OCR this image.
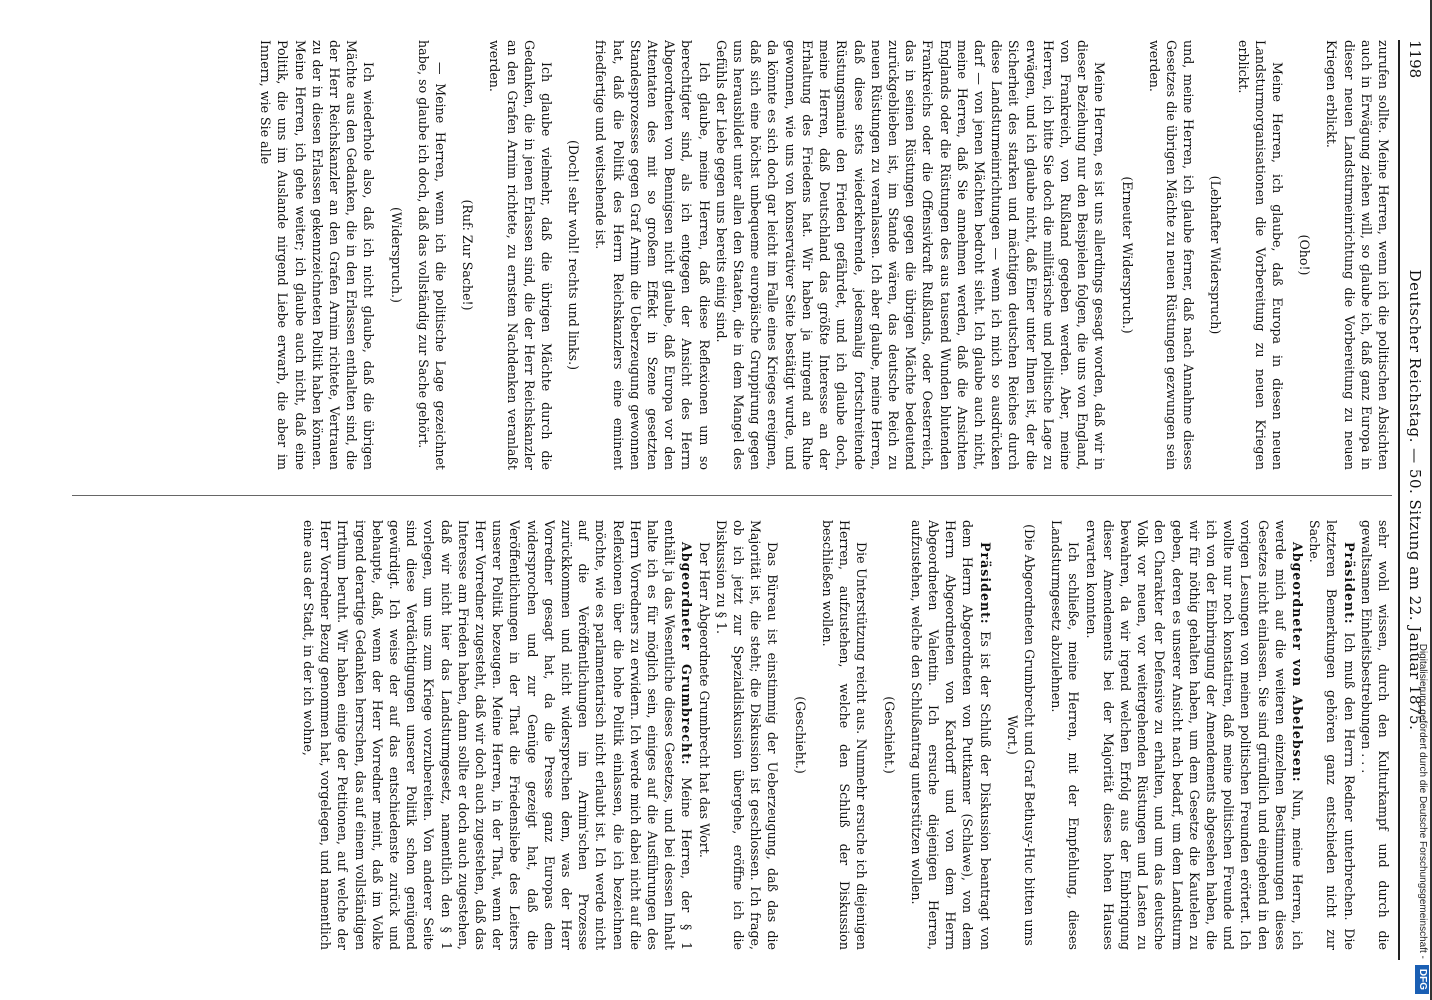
1198
Deutscher Reichstag. — 50. Sitzung am 22. Januar 1875.

zurufen sollte. Meine Herren, wenn ich die politischen Absichten auch in Erwägung ziehen will, so glaube ich, daß ganz Europa in dieser neuen Landsturmeinrichtung die Vorbereitung zu neuen Kriegen erblickt.

(Oho!)

Meine Herren, ich glaube, daß Europa in diesen neuen Landsturmorganisationen die Vorbereitung zu neuen Kriegen erblickt.

(Lebhafter Widerspruch)

und, meine Herren, ich glaube ferner, daß nach Annahme dieses Gesetzes die übrigen Mächte zu neuen Rüstungen gezwungen sein werden.

(Erneuter Widerspruch.)

Meine Herren, es ist uns allerdings gesagt worden, daß wir in dieser Beziehung nur den Beispielen folgen, die uns von England, von Frankreich, von Rußland gegeben werden. Aber, meine Herren, ich bitte Sie doch die militärische und politische Lage zu erwägen, und ich glaube nicht, daß Einer unter Ihnen ist, der die Sicherheit des starken und mächtigen deutschen Reiches durch diese Landsturmeinrichtungen — wenn ich mich so ausdrücken darf — von jenen Mächten bedroht sieht. Ich glaube auch nicht, meine Herren, daß Sie annehmen werden, daß die Ansichten Englands oder die Rüstungen des aus tausend Wunden blutenden Frankreichs oder die Offensivkraft Rußlands, oder Oesterreich, das in seinen Rüstungen gegen die übrigen Mächte bedeutend zurückgeblieben ist, im Stande wären, das deutsche Reich zu neuen Rüstungen zu veranlassen. Ich aber glaube, meine Herren, daß diese stets wiederkehrende, jedesmalig fortschreitende Rüstungsmanie den Frieden gefährdet, und ich glaube doch, meine Herren, daß Deutschland das größte Interesse an der Erhaltung des Friedens hat. Wir haben ja nirgend an Ruhe gewonnen, wie uns von konservativer Seite bestätigt wurde, und da könnte es sich doch gar leicht im Falle eines Krieges ereignen, daß sich eine höchst unbequeme europäische Gruppirung gegen uns herausbildet unter allen den Staaten, die in dem Mangel des Gefühls der Liebe gegen uns bereits einig sind.

Ich glaube, meine Herren, daß diese Reflexionen um so berechtigter sind, als ich entgegen der Ansicht des Herrn Abgeordneten von Bennigsen nicht glaube, daß Europa vor den Attentaten des mit so großem Effekt in Szene gesetzten Standesprozesses gegen Graf Arnim die Ueberzeugung gewonnen hat, daß die Politik des Herrn Reichskanzlers eine eminent friedfertige und weitsehende ist.

(Doch! sehr wohl! rechts und links.)

Ich glaube vielmehr, daß die übrigen Mächte durch die Gedanken, die in jenen Erlassen sind, die der Herr Reichskanzler an den Grafen Arnim richtete, zu ernstem Nachdenken veranlaßt werden.

(Ruf: Zur Sache!)

— Meine Herren, wenn ich die politische Lage gezeichnet habe, so glaube ich doch, daß das vollständig zur Sache gehört.

(Widerspruch.)

Ich wiederhole also, daß ich nicht glaube, daß die übrigen Mächte aus den Gedanken, die in den Erlassen enthalten sind, die der Herr Reichskanzler an den Grafen Arnim richtete, Vertrauen zu der in diesen Erlassen gekennzeichneten Politik haben können. Meine Herren, ich gehe weiter; ich glaube auch nicht, daß eine Politik, die uns im Auslande nirgend Liebe erwarb, die aber im Innern, wie Sie alle

sehr wohl wissen, durch den Kulturkampf und durch die gewaltsamen Einheitsbestrebungen . . .

Präsident: Ich muß den Herrn Redner unterbrechen. Die letzteren Bemerkungen gehören ganz entschieden nicht zur Sache.

Abgeordneter von Abelebsen: Nun, meine Herren, ich werde mich auf die weiteren einzelnen Bestimmungen dieses Gesetzes nicht einlassen. Sie sind gründlich und eingehend in den vorigen Lesungen von meinen politischen Freunden erörtert. Ich wollte nur noch konstatiren, daß meine politischen Freunde und ich von der Einbringung der Amendements abgesehen haben, die wir für nöthig gehalten haben, um dem Gesetze die Kautelen zu geben, deren es unserer Ansicht nach bedarf, um dem Landsturm den Charakter der Defensive zu erhalten, und um das deutsche Volk vor neuen, vor weitergehenden Rüstungen und Lasten zu bewahren, da wir irgend welchen Erfolg aus der Einbringung dieser Amendements bei der Majorität dieses hohen Hauses erwarten konnten.

Ich schließe, meine Herren, mit der Empfehlung, dieses Landsturmgesetz abzulehnen.

(Die Abgeordneten Grumbrecht und Graf Bethusy-Huc bitten ums Wort.)

Präsident: Es ist der Schluß der Diskussion beantragt von dem Herrn Abgeordneten von Puttkamer (Schlawe), von dem Herrn Abgeordneten von Kardorff und von dem Herrn Abgeordneten Valentin. Ich ersuche diejenigen Herren, aufzustehen, welche den Schlußantrag unterstützen wollen.

(Geschieht.)

Die Unterstützung reicht aus. Nunmehr ersuche ich diejenigen Herren, aufzustehen, welche den Schluß der Diskussion beschließen wollen.

(Geschieht.)

Das Büreau ist einstimmig der Ueberzeugung, daß das die Majorität ist, die steht; die Diskussion ist geschlossen. Ich frage, ob ich jetzt zur Spezialdiskussion übergehe, eröffne ich die Diskussion zu § 1.

Der Herr Abgeordnete Grumbrecht hat das Wort.

Abgeordneter Grumbrecht: Meine Herren, der § 1 enthält ja das Wesentliche dieses Gesetzes, und bei dessen Inhalt halte ich es für möglich sein, einiges auf die Ausführungen des Herrn Vorredners zu erwidern. Ich werde mich dabei nicht auf die Reflexionen über die hohe Politik einlassen, die ich bezeichnen möchte, wie es parlamentarisch nicht erlaubt ist. Ich werde nicht auf die Veröffentlichungen im Arnim'schen Prozesse zurückkommen und nicht widersprechen dem, was der Herr Vorredner gesagt hat, da die Presse ganz Europas dem widersprochen und zur Genüge gezeigt hat, daß die Veröffentlichungen in der That die Friedensliebe des Leiters unserer Politik bezeugen. Meine Herren, in der That, wenn der Herr Vorredner zugesteht, daß wir doch auch zugestehen, daß das Interesse am Frieden haben, dann sollte er doch auch zugestehen, daß wir nicht hier das Landsturmgesetz, namentlich den § 1 vorlegen, um uns zum Kriege vorzubereiten. Von anderer Seite sind diese Verdächtigungen unserer Politik schon genügend gewürdigt. Ich weise der auf das entschiedenste zurück und behaupte, daß, wenn der Herr Vorredner meint, daß im Volke irgend derartige Gedanken herrschen, das auf einem vollständigen Irrthum beruht. Wir haben einige der Petitionen, auf welche der Herr Vorredner Bezug genommen hat, vorgelegen, und namentlich eine aus der Stadt, in der ich wohne,

Digitalisierung gefördert durch die Deutsche Forschungsgemeinschaft -
DFG
